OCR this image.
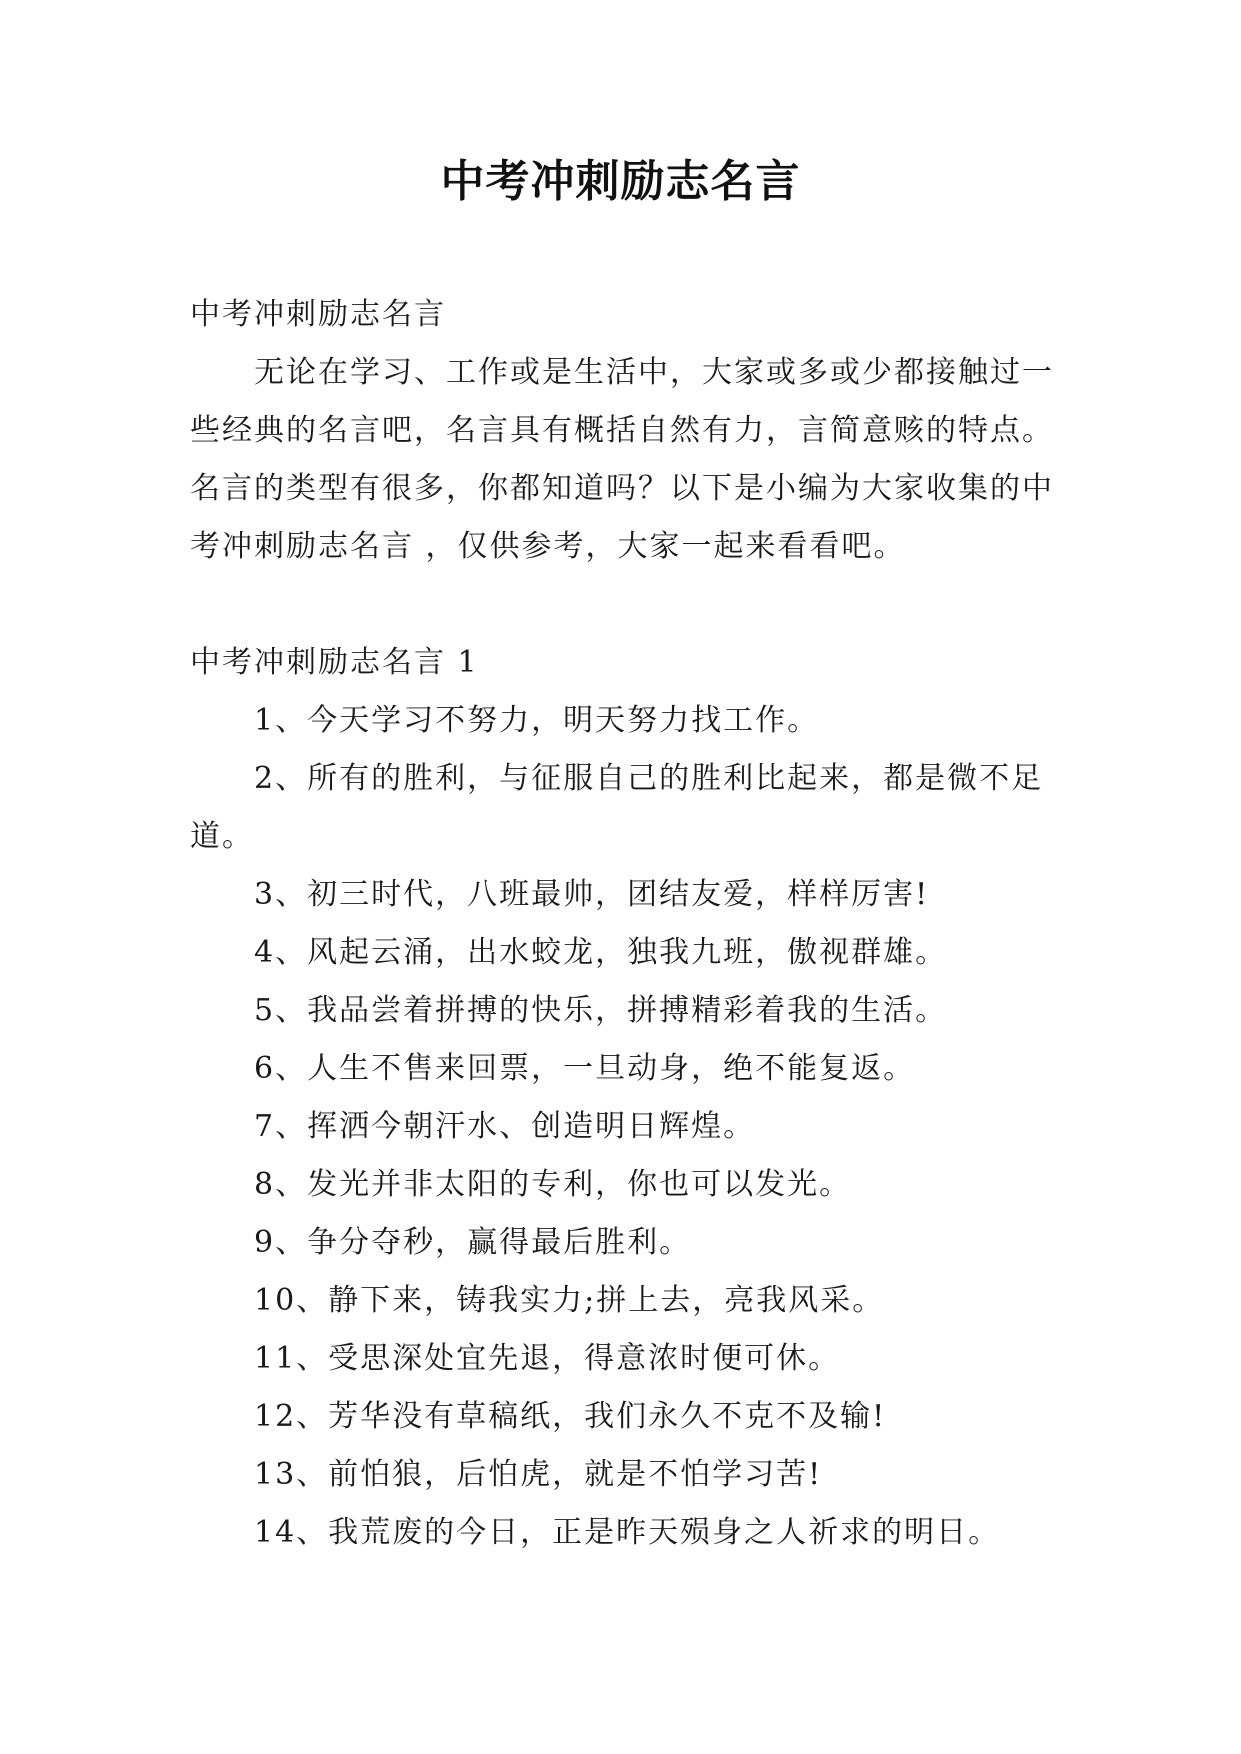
中考冲刺励志名言

中考冲刺励志名言

无论在学习、工作或是生活中，大家或多或少都接触过一些经典的名言吧，名言具有概括自然有力，言简意赅的特点。名言的类型有很多，你都知道吗？以下是小编为大家收集的中考冲刺励志名言 ，仅供参考，大家一起来看看吧。

中考冲刺励志名言 1

1、今天学习不努力，明天努力找工作。

2、所有的胜利，与征服自己的胜利比起来，都是微不足道。

3、初三时代，八班最帅，团结友爱，样样厉害!

4、风起云涌，出水蛟龙，独我九班，傲视群雄。

5、我品尝着拼搏的快乐，拼搏精彩着我的生活。

6、人生不售来回票，一旦动身，绝不能复返。

7、挥洒今朝汗水、创造明日辉煌。

8、发光并非太阳的专利，你也可以发光。

9、争分夺秒，赢得最后胜利。

10、静下来，铸我实力;拼上去，亮我风采。

11、受思深处宜先退，得意浓时便可休。

12、芳华没有草稿纸，我们永久不克不及输!

13、前怕狼，后怕虎，就是不怕学习苦!

14、我荒废的今日，正是昨天殒身之人祈求的明日。
